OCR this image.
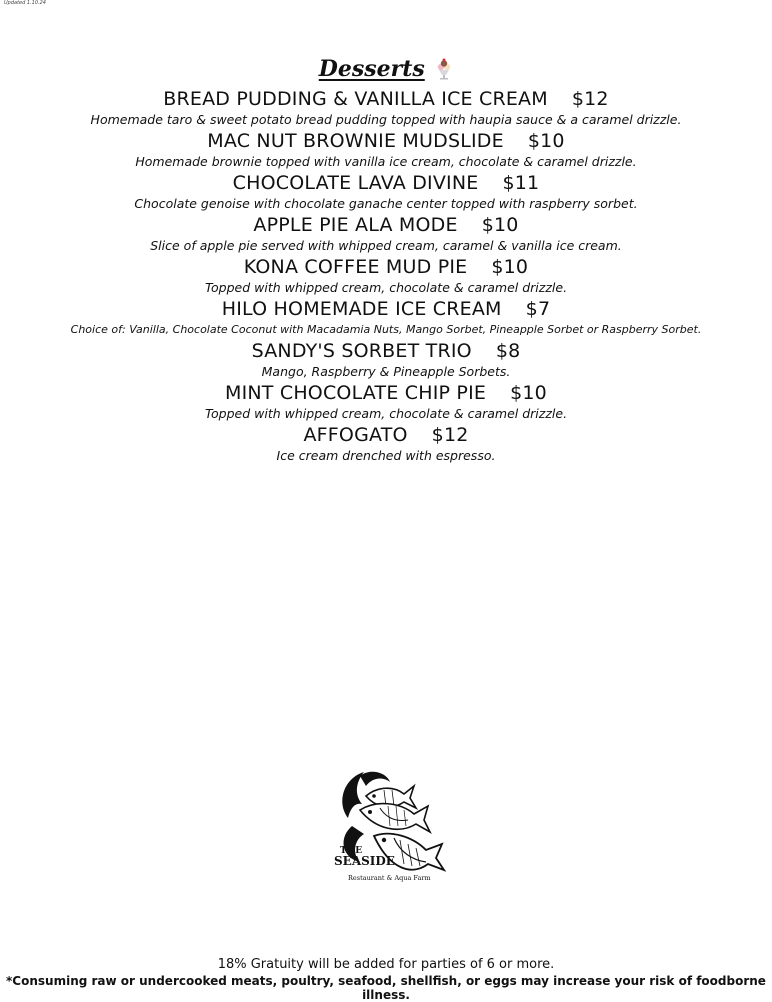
Updated 1.10.24
Desserts
BREAD PUDDING & VANILLA ICE CREAM $12
Homemade taro & sweet potato bread pudding topped with haupia sauce & a caramel drizzle.
MAC NUT BROWNIE MUDSLIDE $10
Homemade brownie topped with vanilla ice cream, chocolate & caramel drizzle.
CHOCOLATE LAVA DIVINE $11
Chocolate genoise with chocolate ganache center topped with raspberry sorbet.
APPLE PIE ALA MODE $10
Slice of apple pie served with whipped cream, caramel & vanilla ice cream.
KONA COFFEE MUD PIE $10
Topped with whipped cream, chocolate & caramel drizzle.
HILO HOMEMADE ICE CREAM $7
Choice of: Vanilla, Chocolate Coconut with Macadamia Nuts, Mango Sorbet, Pineapple Sorbet or Raspberry Sorbet.
SANDY'S SORBET TRIO $8
Mango, Raspberry & Pineapple Sorbets.
MINT CHOCOLATE CHIP PIE $10
Topped with whipped cream, chocolate & caramel drizzle.
AFFOGATO $12
Ice cream drenched with espresso.
THE
SEASIDE
Restaurant & Aqua Farm
18% Gratuity will be added for parties of 6 or more.
*Consuming raw or undercooked meats, poultry, seafood, shellfish, or eggs may increase your risk of foodborne illness.
